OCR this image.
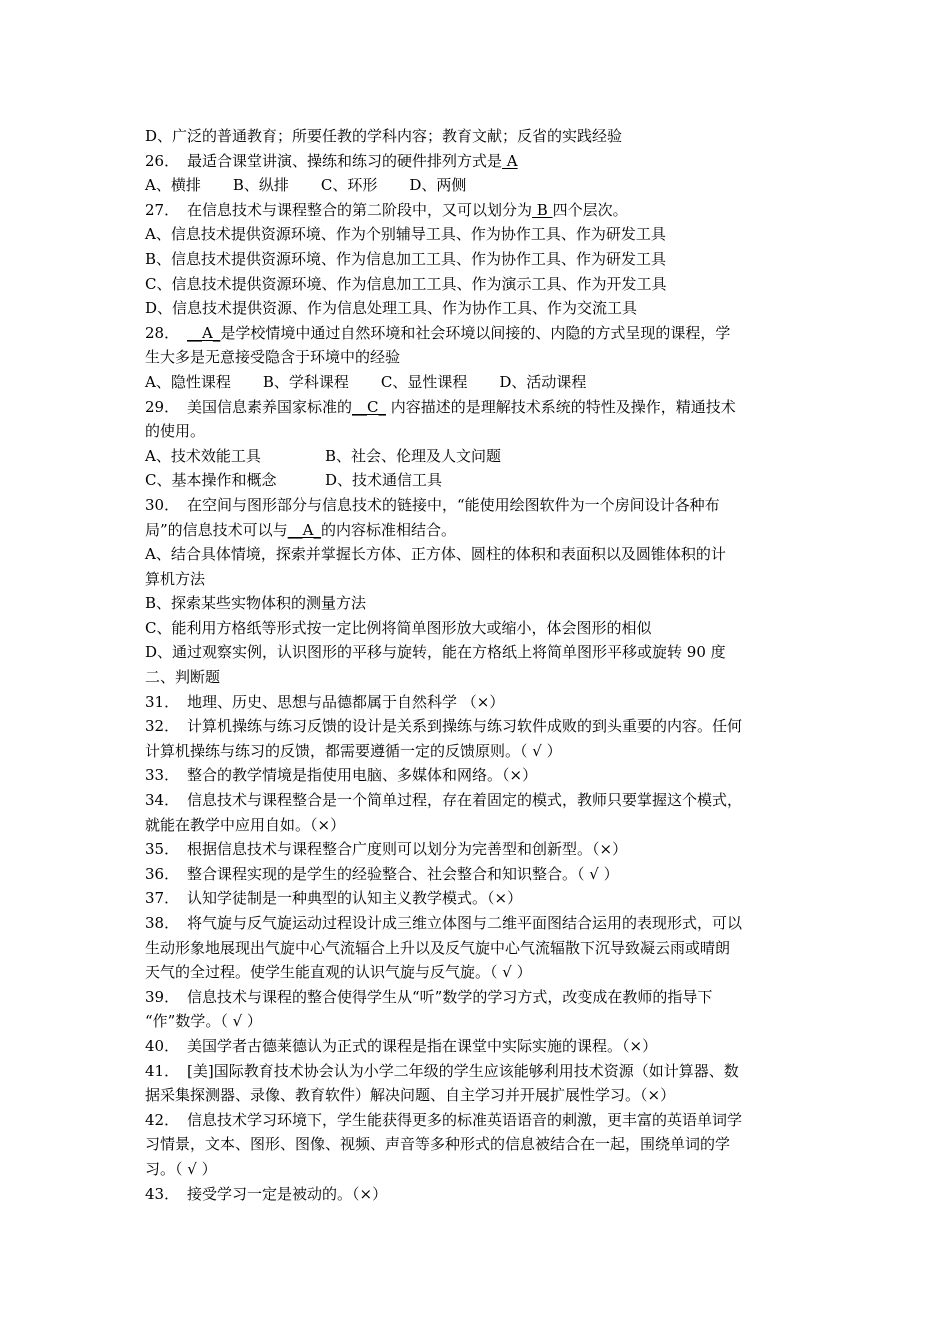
D、广泛的普通教育；所要任教的学科内容；教育文献；反省的实践经验
26． 最适合课堂讲演、操练和练习的硬件排列方式是 A
A、横排 B、纵排 C、环形 D、两侧
27． 在信息技术与课程整合的第二阶段中，又可以划分为 B 四个层次。
A、信息技术提供资源环境、作为个别辅导工具、作为协作工具、作为研发工具
B、信息技术提供资源环境、作为信息加工工具、作为协作工具、作为研发工具
C、信息技术提供资源环境、作为信息加工工具、作为演示工具、作为开发工具
D、信息技术提供资源、作为信息处理工具、作为协作工具、作为交流工具
28． __A_是学校情境中通过自然环境和社会环境以间接的、内隐的方式呈现的课程，学
生大多是无意接受隐含于环境中的经验
A、隐性课程 B、学科课程 C、显性课程 D、活动课程
29． 美国信息素养国家标准的__C_ 内容描述的是理解技术系统的特性及操作，精通技术
的使用。
A、技术效能工具	B、社会、伦理及人文问题
C、基本操作和概念	D、技术通信工具
30． 在空间与图形部分与信息技术的链接中，“能使用绘图软件为一个房间设计各种布
局”的信息技术可以与__A_的内容标准相结合。
A、结合具体情境，探索并掌握长方体、正方体、圆柱的体积和表面积以及圆锥体积的计
算机方法
B、探索某些实物体积的测量方法
C、能利用方格纸等形式按一定比例将简单图形放大或缩小，体会图形的相似
D、通过观察实例，认识图形的平移与旋转，能在方格纸上将简单图形平移或旋转 90 度
二、判断题
31． 地理、历史、思想与品德都属于自然科学 （×）
32． 计算机操练与练习反馈的设计是关系到操练与练习软件成败的到头重要的内容。任何
计算机操练与练习的反馈，都需要遵循一定的反馈原则。（ √ ）
33． 整合的教学情境是指使用电脑、多媒体和网络。（×）
34． 信息技术与课程整合是一个简单过程，存在着固定的模式，教师只要掌握这个模式，
就能在教学中应用自如。（×）
35． 根据信息技术与课程整合广度则可以划分为完善型和创新型。（×）
36． 整合课程实现的是学生的经验整合、社会整合和知识整合。（ √ ）
37． 认知学徒制是一种典型的认知主义教学模式。（×）
38． 将气旋与反气旋运动过程设计成三维立体图与二维平面图结合运用的表现形式，可以
生动形象地展现出气旋中心气流辐合上升以及反气旋中心气流辐散下沉导致凝云雨或晴朗
天气的全过程。使学生能直观的认识气旋与反气旋。（ √ ）
39． 信息技术与课程的整合使得学生从“听”数学的学习方式，改变成在教师的指导下
“作”数学。（ √ ）
40． 美国学者古德莱德认为正式的课程是指在课堂中实际实施的课程。（×）
41． [美]国际教育技术协会认为小学二年级的学生应该能够利用技术资源（如计算器、数
据采集探测器、录像、教育软件）解决问题、自主学习并开展扩展性学习。（×）
42． 信息技术学习环境下，学生能获得更多的标准英语语音的刺激，更丰富的英语单词学
习情景，文本、图形、图像、视频、声音等多种形式的信息被结合在一起，围绕单词的学
习。（ √ ）
43． 接受学习一定是被动的。（×）
